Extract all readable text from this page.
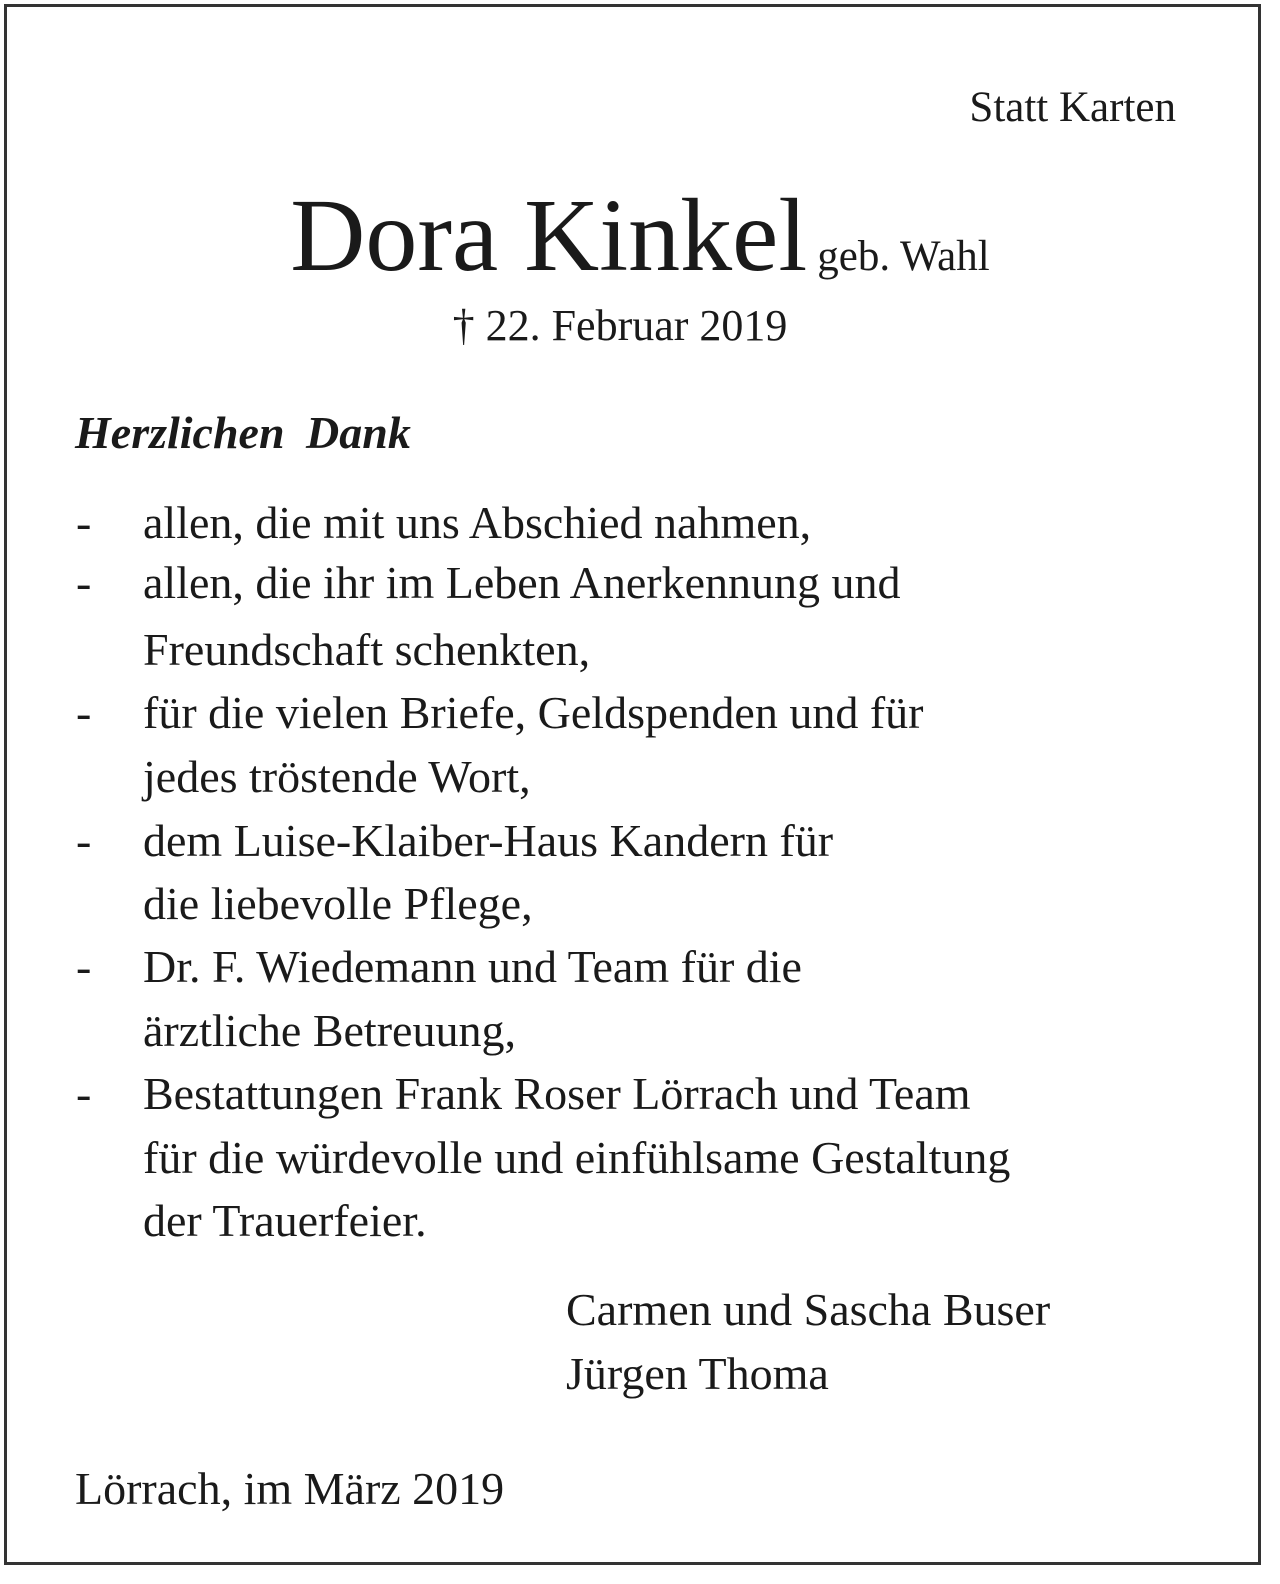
Statt Karten
Dora Kinkel geb. Wahl
† 22. Februar 2019
Herzlichen Dank
- allen, die mit uns Abschied nahmen,
- allen, die ihr im Leben Anerkennung und
Freundschaft schenkten,
- für die vielen Briefe, Geldspenden und für
jedes tröstende Wort,
- dem Luise-Klaiber-Haus Kandern für
die liebevolle Pflege,
- Dr. F. Wiedemann und Team für die
ärztliche Betreuung,
- Bestattungen Frank Roser Lörrach und Team
für die würdevolle und einfühlsame Gestaltung
der Trauerfeier.
Carmen und Sascha Buser
Jürgen Thoma
Lörrach, im März 2019
